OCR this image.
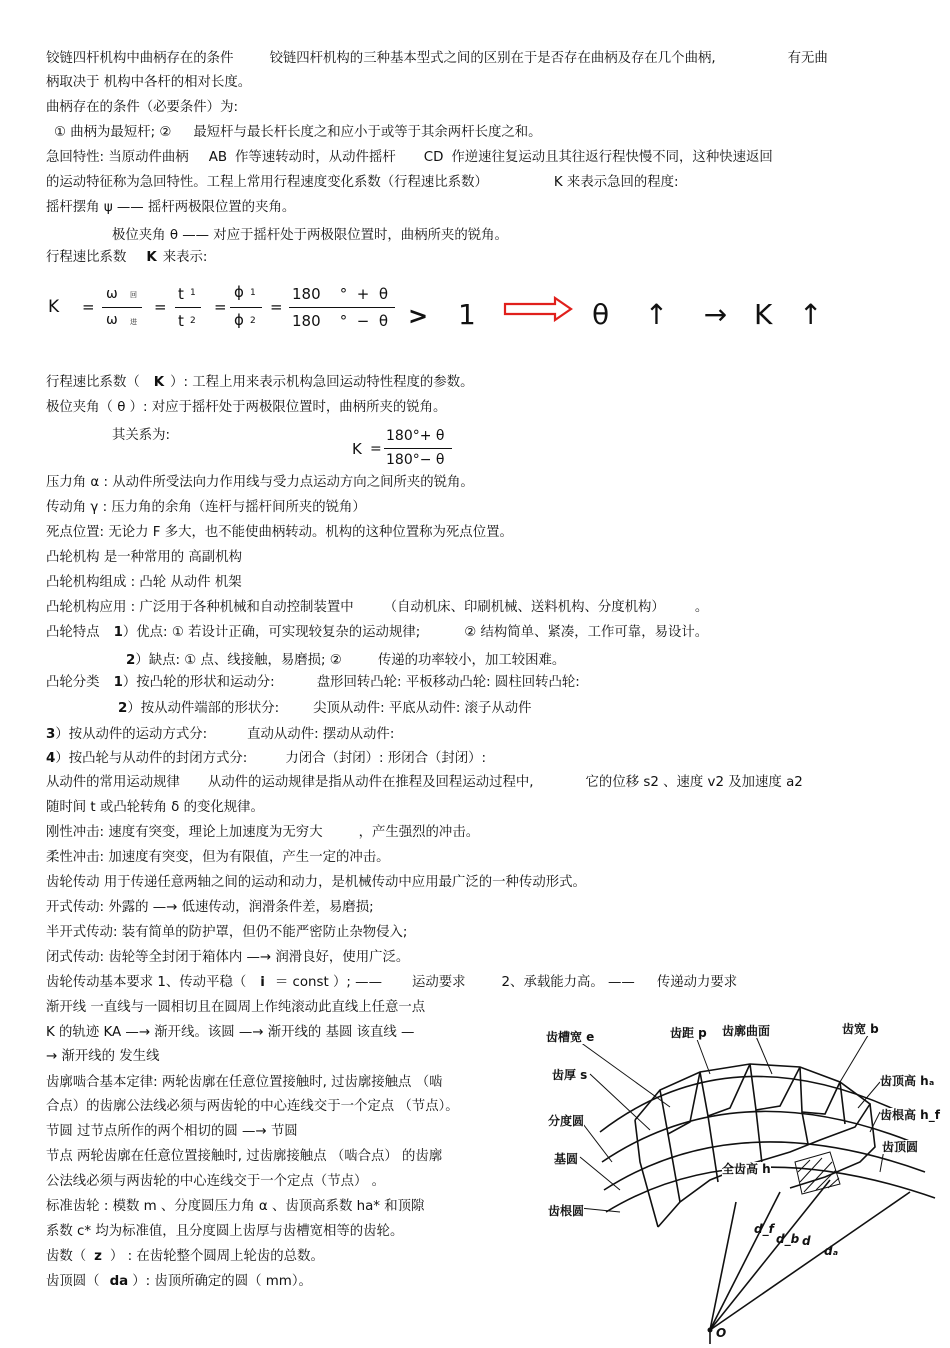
铰链四杆机构中曲柄存在的条件	铰链四杆机构的三种基本型式之间的区别在于是否存在曲柄及存在几个曲柄,	有无曲
柄取决于 机构中各杆的相对长度。
曲柄存在的条件（必要条件）为:
① 曲柄为最短杆; ② 最短杆与最长杆长度之和应小于或等于其余两杆长度之和。
急回特性: 当原动件曲柄 AB 作等速转动时，从动件摇杆 CD 作逆速往复运动且其往返行程快慢不同，这种快速返回
的运动特征称为急回特性。工程上常用行程速度变化系数（行程速比系数）	K 来表示急回的程度:
摇杆摆角 ψ —— 摇杆两极限位置的夹角。
极位夹角 θ —— 对应于摇杆处于两极限位置时，曲柄所夹的锐角。
行程速比系数 K 来表示:
K =
ω 回
ω 进
=
t 1
t 2
=
ϕ 1
ϕ 2
=
180    °  +  θ
180    °  −  θ > 1	θ    ↑    →   K   ↑
行程速比系数（ K ）: 工程上用来表示机构急回运动特性程度的参数。
极位夹角（ θ ）: 对应于摇杆处于两极限位置时，曲柄所夹的锐角。
其关系为:
K =
180°+ θ
180°− θ
压力角 α : 从动件所受法向力作用线与受力点运动方向之间所夹的锐角。
传动角 γ : 压力角的余角（连杆与摇杆间所夹的锐角）
死点位置: 无论力 F 多大，也不能使曲柄转动。机构的这种位置称为死点位置。
凸轮机构 是一种常用的 高副机构
凸轮机构组成 : 凸轮 从动件 机架
凸轮机构应用 : 广泛用于各种机械和自动控制装置中 （自动机床、印刷机械、送料机构、分度机构） 。
凸轮特点 1）优点: ① 若设计正确，可实现较复杂的运动规律;	② 结构简单、紧凑，工作可靠，易设计。
2）缺点: ① 点、线接触，易磨损; ②	传递的功率较小，加工较困难。
凸轮分类 1）按凸轮的形状和运动分:	盘形回转凸轮: 平板移动凸轮: 圆柱回转凸轮:
2）按从动件端部的形状分:	尖顶从动件: 平底从动件: 滚子从动件
3）按从动件的运动方式分:	直动从动件: 摆动从动件:
4）按凸轮与从动件的封闭方式分:	力闭合（封闭）: 形闭合（封闭）:
从动件的常用运动规律 从动件的运动规律是指从动件在推程及回程运动过程中,	它的位移 s2 、速度 v2 及加速度 a2
随时间 t 或凸轮转角 δ 的变化规律。
刚性冲击: 速度有突变，理论上加速度为无穷大	，产生强烈的冲击。
柔性冲击: 加速度有突变，但为有限值，产生一定的冲击。
齿轮传动 用于传递任意两轴之间的运动和动力，是机械传动中应用最广泛的一种传动形式。
开式传动: 外露的 —→ 低速传动，润滑条件差，易磨损;
半开式传动: 装有简单的防护罩，但仍不能严密防止杂物侵入;
闭式传动: 齿轮等全封闭于箱体内 —→ 润滑良好，使用广泛。
齿轮传动基本要求 1、传动平稳（ i ＝ const ）; —— 运动要求	2、承载能力高。 —— 传递动力要求
渐开线 一直线与一圆相切且在圆周上作纯滚动此直线上任意一点
K 的轨迹 KA —→ 渐开线。该圆 —→ 渐开线的 基圆 该直线 —
→ 渐开线的 发生线
齿廓啮合基本定律: 两轮齿廓在任意位置接触时, 过齿廓接触点 （啮
合点）的齿廓公法线必须与两齿轮的中心连线交于一个定点 （节点）。
节圆 过节点所作的两个相切的圆 —→ 节圆
节点 两轮齿廓在任意位置接触时, 过齿廓接触点 （啮合点） 的齿廓
公法线必须与两齿轮的中心连线交于一个定点（节点） 。
标准齿轮 : 模数 m 、分度圆压力角 α 、齿顶高系数 ha* 和顶隙
系数 c* 均为标准值，且分度圆上齿厚与齿槽宽相等的齿轮。
齿数（ z ） : 在齿轮整个圆周上轮齿的总数。
齿顶圆（ da ）: 齿顶所确定的圆（ mm）。
齿槽宽 e	齿距 p 齿廓曲面	齿宽 b
齿厚 s	齿顶高 hₐ
分度圆	齿根高 h_f
齿顶圆
基圆
全齿高 h
齿根圆
d_f
d_b d
dₐ
O
